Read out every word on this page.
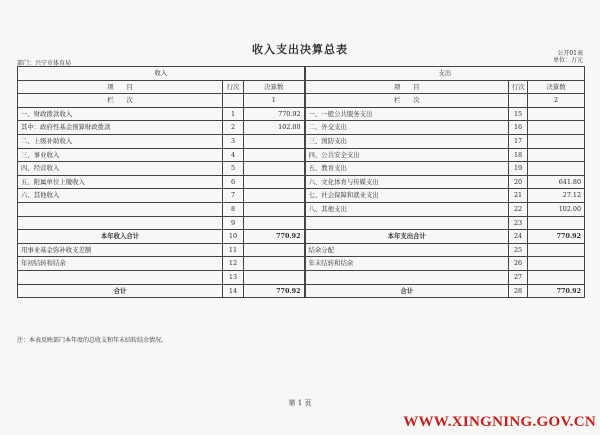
收入支出决算总表	公开01表
单位：万元
部门：兴宁市体育局
收入			支出		
项　　目	行次	决算数	项　　目	行次	决算数
栏　　次		1	栏　　次		2
一、财政拨款收入	1	770.92	一、一般公共服务支出	15	
其中：政府性基金预算财政拨款	2	102.00	二、外交支出	16	
二、上级补助收入	3		三、国防支出	17	
三、事业收入	4		四、公共安全支出	18	
四、经营收入	5		五、教育支出	19	
五、附属单位上缴收入	6		六、文化体育与传媒支出	20	641.80
六、其他收入	7		七、社会保障和就业支出	21	27.12
	8		八、其他支出	22	102.00
	9			23	
本年收入合计	10	770.92	本年支出合计	24	770.92
用事业基金弥补收支差额	11		结余分配	25	
年初结转和结余	12		年末结转和结余	26	
	13			27	
合计	14	770.92	合计	28	770.92
注：本表反映部门本年度的总收支和年末结转结余情况。
第 1 页
WWW.XINGNING.GOV.CN
